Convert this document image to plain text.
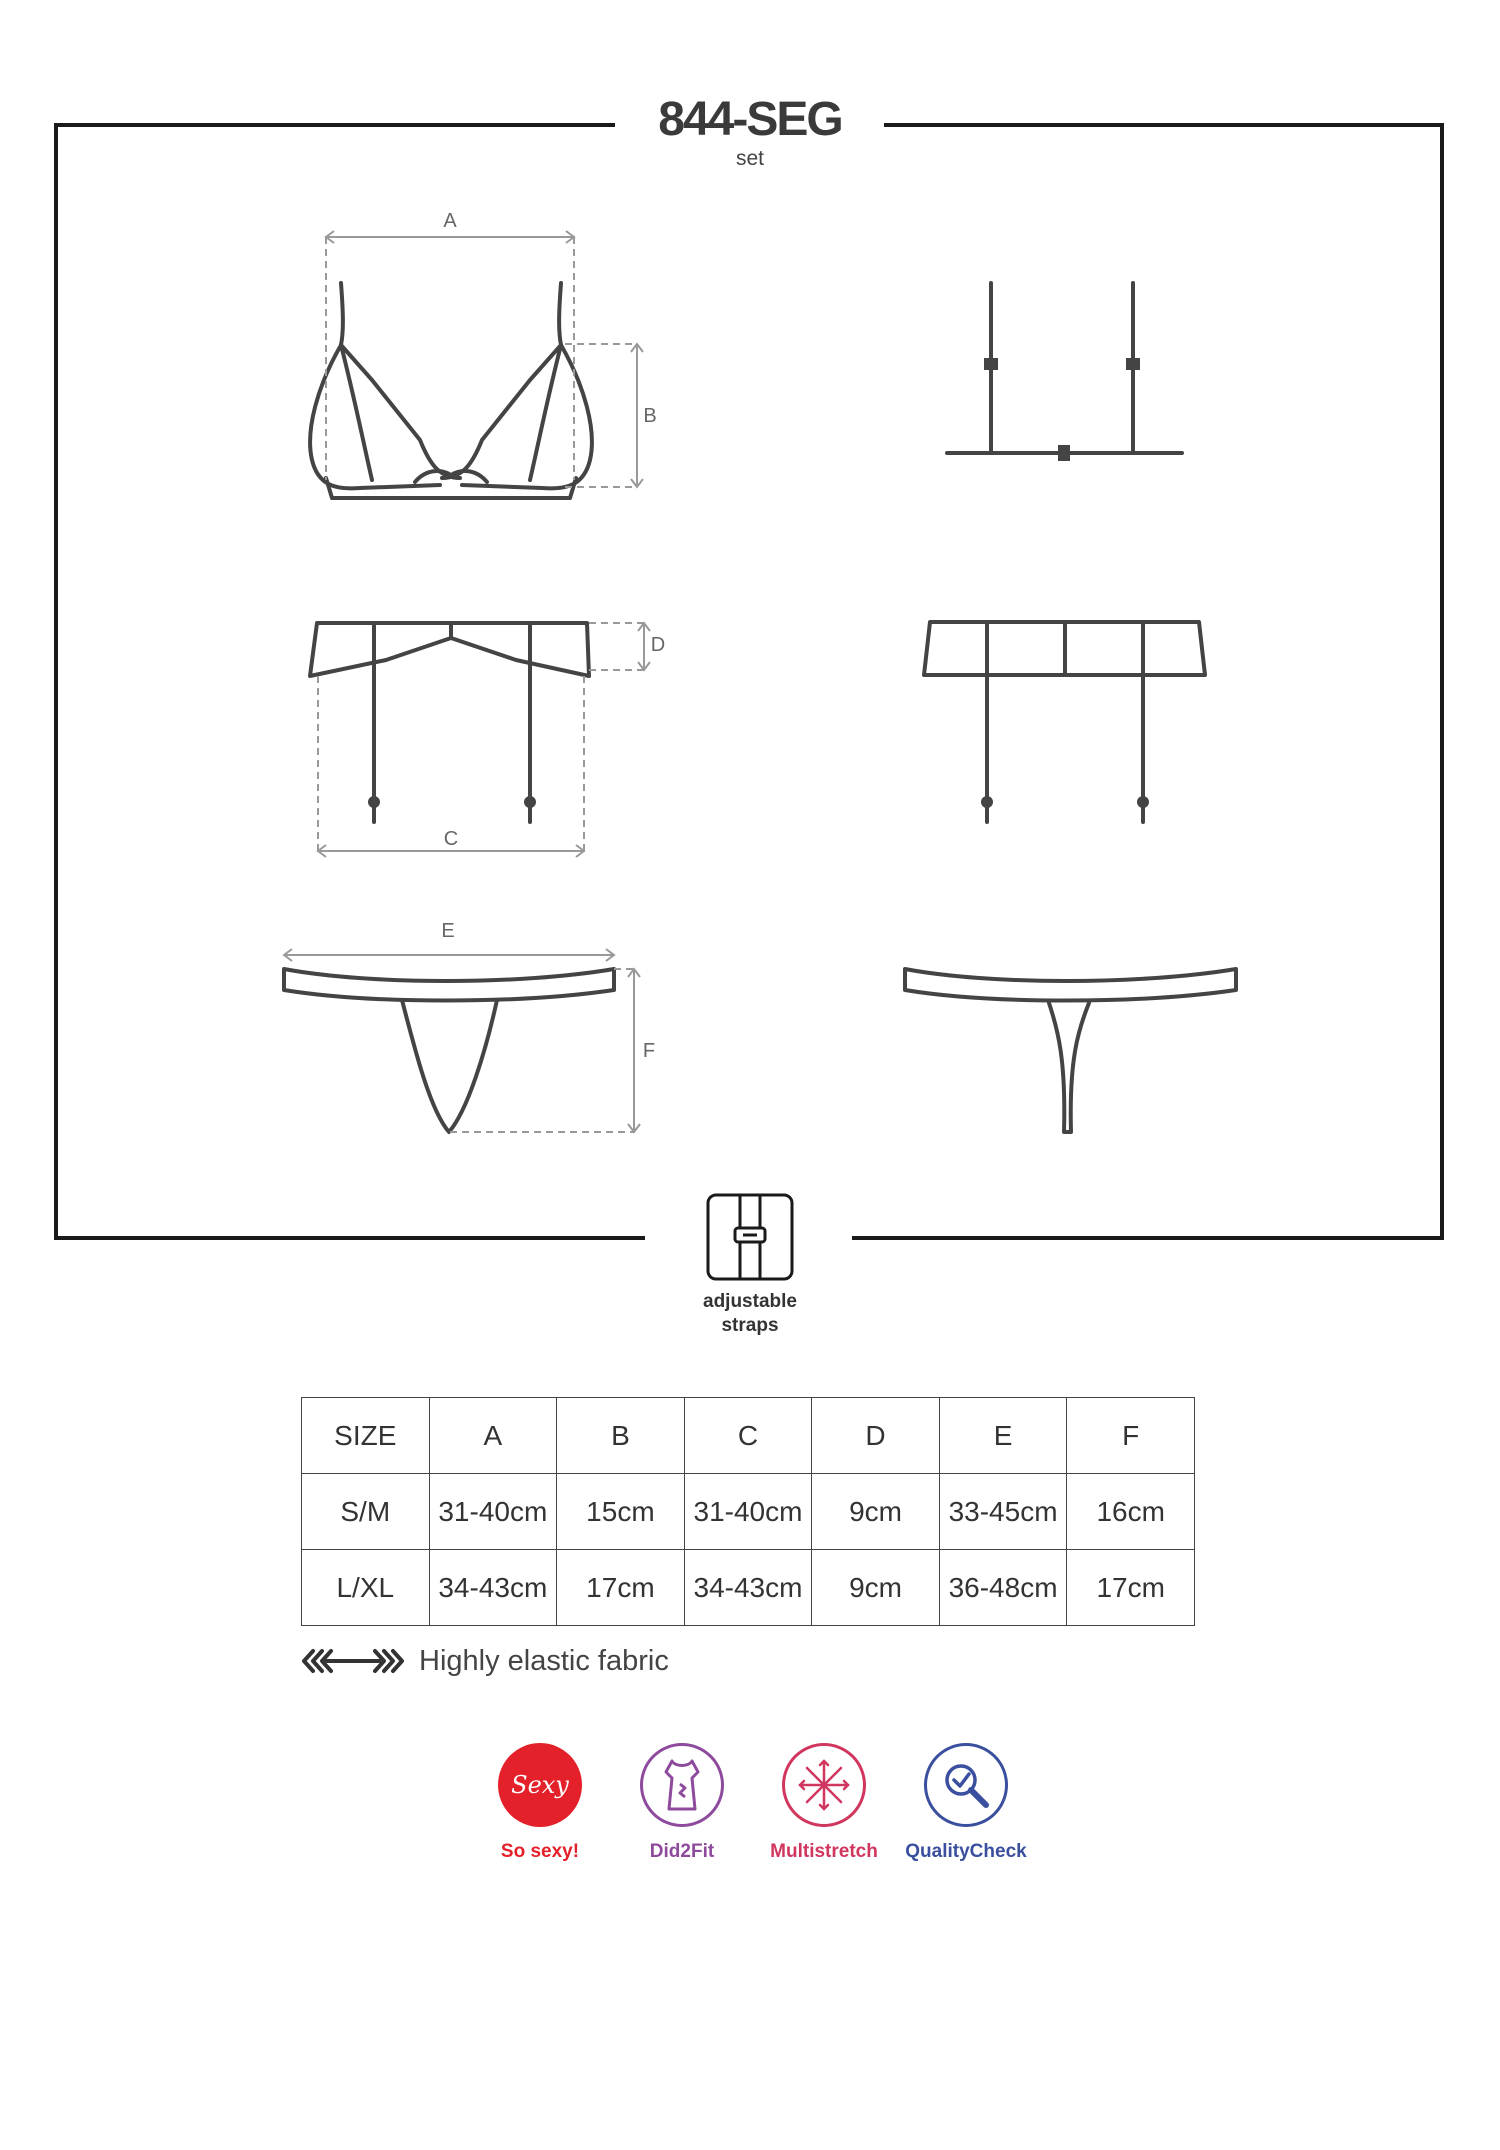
844-SEG
set
A
B
C
D
E
F
adjustable
straps
SIZE	A	B	C	D	E	F
S/M	31-40cm	15cm	31-40cm	9cm	33-45cm	16cm
L/XL	34-43cm	17cm	34-43cm	9cm	36-48cm	17cm
Highly elastic fabric
Sexy
So sexy!	Did2Fit	Multistretch	QualityCheck
